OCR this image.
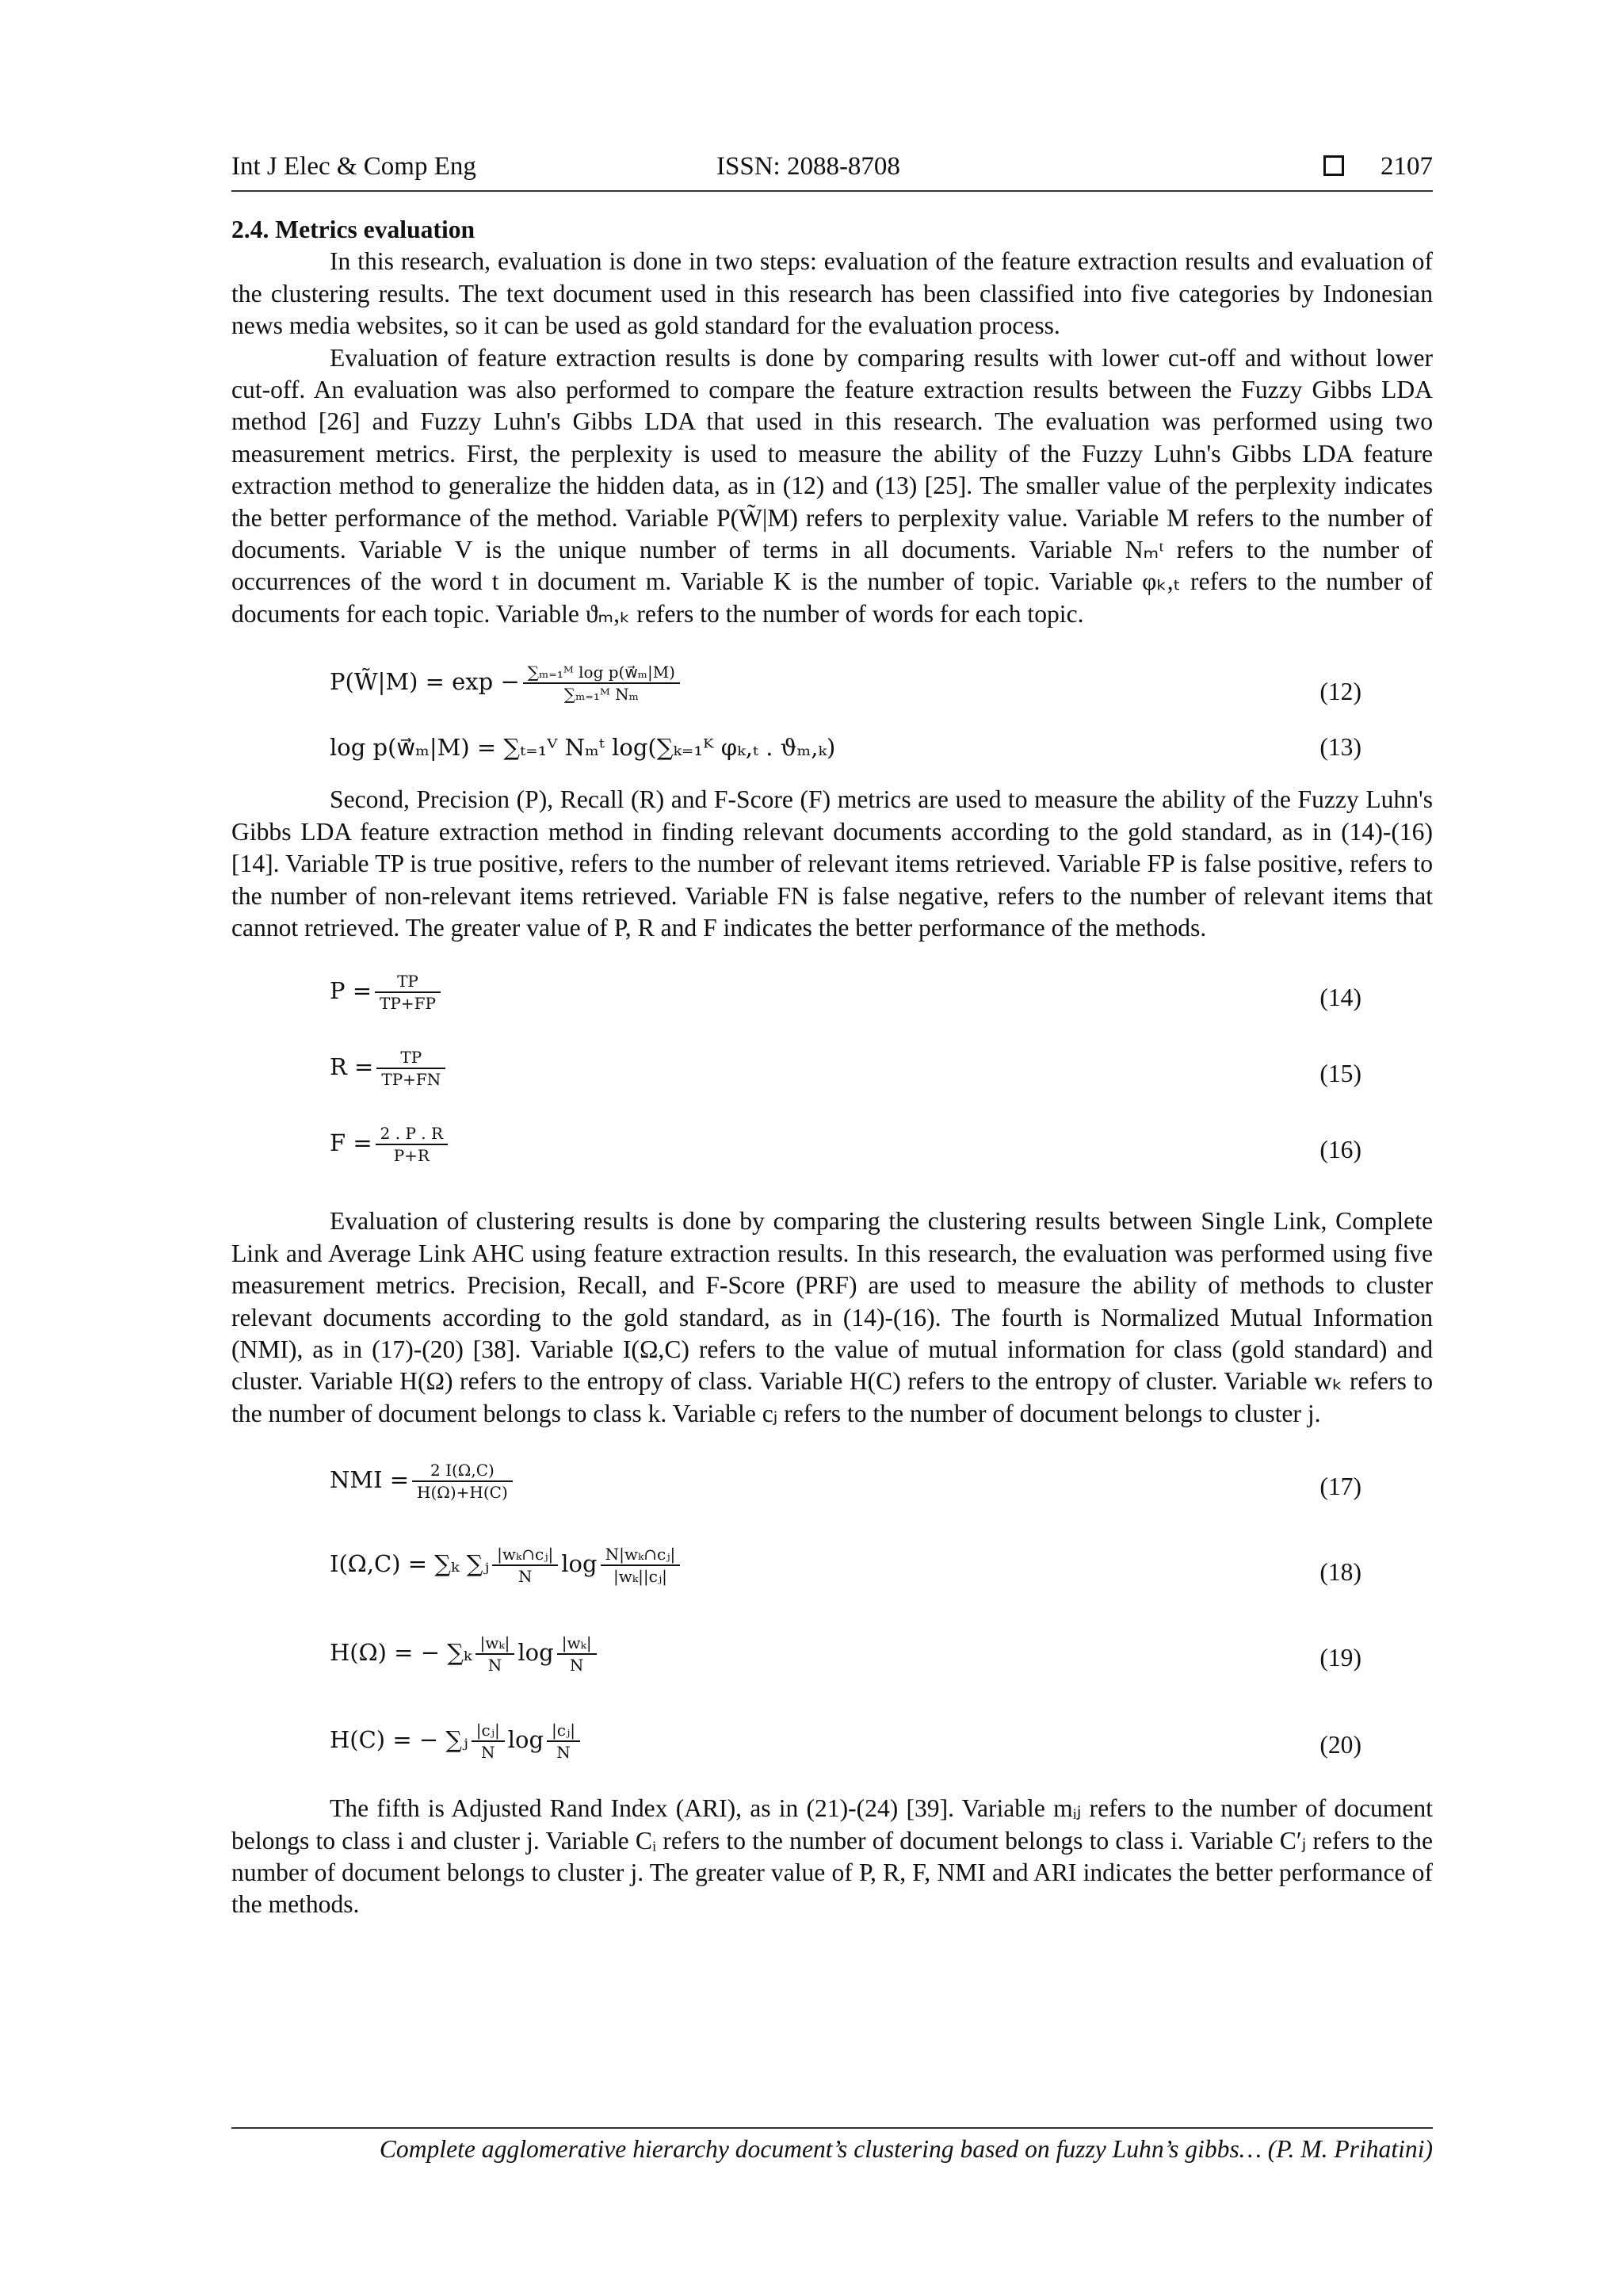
Int J Elec & Comp Eng	ISSN: 2088-8708	2107

2.4. Metrics evaluation

In this research, evaluation is done in two steps: evaluation of the feature extraction results and evaluation of the clustering results. The text document used in this research has been classified into five categories by Indonesian news media websites, so it can be used as gold standard for the evaluation process.

Evaluation of feature extraction results is done by comparing results with lower cut-off and without lower cut-off. An evaluation was also performed to compare the feature extraction results between the Fuzzy Gibbs LDA method [26] and Fuzzy Luhn's Gibbs LDA that used in this research. The evaluation was performed using two measurement metrics. First, the perplexity is used to measure the ability of the Fuzzy Luhn's Gibbs LDA feature extraction method to generalize the hidden data, as in (12) and (13) [25]. The smaller value of the perplexity indicates the better performance of the method. Variable P(W̃|M) refers to perplexity value. Variable M refers to the number of documents. Variable V is the unique number of terms in all documents. Variable Nₘᵗ refers to the number of occurrences of the word t in document m. Variable K is the number of topic. Variable φₖ,ₜ refers to the number of documents for each topic. Variable ϑₘ,ₖ refers to the number of words for each topic.

P(W̃|M) = $\exp - \frac{\text{∑ₘ₌₁ᴹ log p(w⃗ₘ|M)}}{\text{∑ₘ₌₁ᴹ Nₘ}}$	(12)
log p(w⃗ₘ|M) = ∑ₜ₌₁ⱽ Nₘᵗ log(∑ₖ₌₁ᴷ φₖ,ₜ . ϑₘ,ₖ)	(13)

Second, Precision (P), Recall (R) and F-Score (F) metrics are used to measure the ability of the Fuzzy Luhn's Gibbs LDA feature extraction method in finding relevant documents according to the gold standard, as in (14)-(16) [14]. Variable TP is true positive, refers to the number of relevant items retrieved. Variable FP is false positive, refers to the number of non-relevant items retrieved. Variable FN is false negative, refers to the number of relevant items that cannot retrieved. The greater value of P, R and F indicates the better performance of the methods.

$P = \frac{TP}{TP+FP}$	(14)
$R = \frac{TP}{TP+FN}$	(15)
$F = \frac{2 . P . R}{P+R}$	(16)

Evaluation of clustering results is done by comparing the clustering results between Single Link, Complete Link and Average Link AHC using feature extraction results. In this research, the evaluation was performed using five measurement metrics. Precision, Recall, and F-Score (PRF) are used to measure the ability of methods to cluster relevant documents according to the gold standard, as in (14)-(16). The fourth is Normalized Mutual Information (NMI), as in (17)-(20) [38]. Variable I(Ω,C) refers to the value of mutual information for class (gold standard) and cluster. Variable H(Ω) refers to the entropy of class. Variable H(C) refers to the entropy of cluster. Variable wₖ refers to the number of document belongs to class k. Variable cⱼ refers to the number of document belongs to cluster j.

NMI = $\frac{2 I(\Omega,C)}{H(\Omega)+H(C)}$	(17)
I(Ω,C) = ∑ₖ ∑ⱼ $\frac{\text{|wₖ∩cⱼ|}}{N}$ $\log \frac{\text{N|wₖ∩cⱼ|}}{\text{|wₖ||cⱼ|}}$	(18)
H(Ω) = − $\sum_k \frac{\text{|wₖ|}}{N}$ $\log \frac{\text{|wₖ|}}{N}$	(19)
H(C) = − ∑ⱼ $\frac{\text{|cⱼ|}}{N}$ $\log \frac{\text{|cⱼ|}}{N}$	(20)

The fifth is Adjusted Rand Index (ARI), as in (21)-(24) [39]. Variable mᵢⱼ refers to the number of document belongs to class i and cluster j. Variable Cᵢ refers to the number of document belongs to class i. Variable C′ⱼ refers to the number of document belongs to cluster j. The greater value of P, R, F, NMI and ARI indicates the better performance of the methods.

Complete agglomerative hierarchy document’s clustering based on fuzzy Luhn’s gibbs… (P. M. Prihatini)
